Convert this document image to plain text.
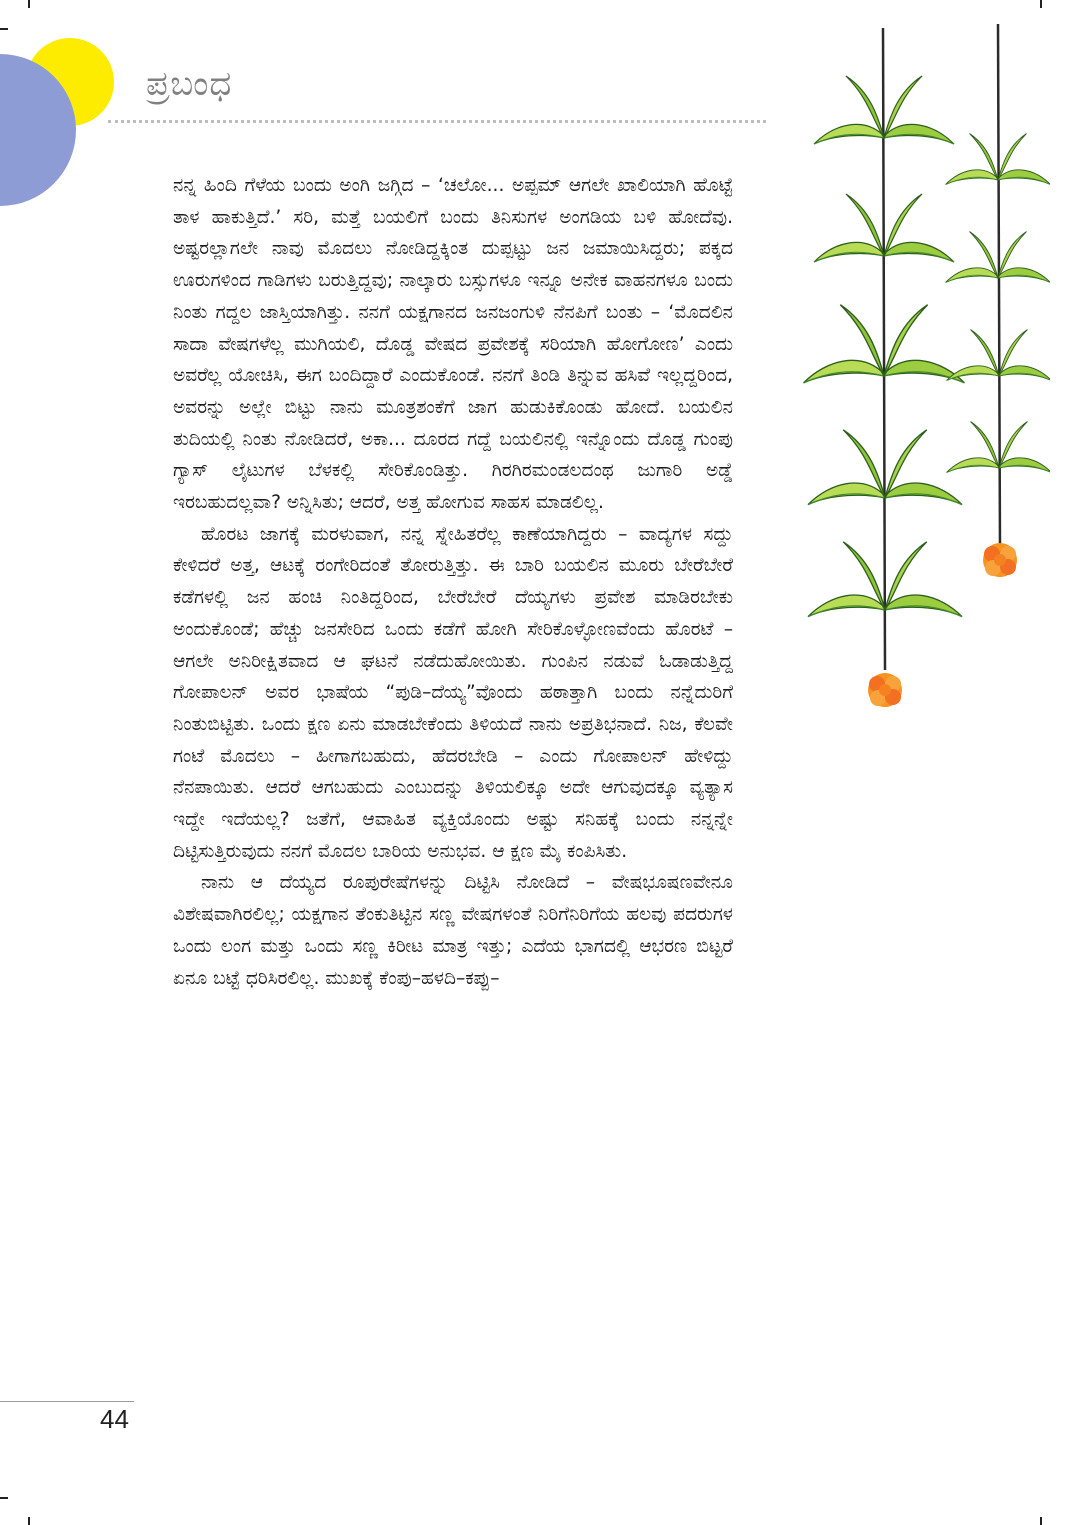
ಪ್ರಬಂಧ

ನನ್ನ ಹಿಂದಿ ಗೆಳೆಯ ಬಂದು ಅಂಗಿ ಜಗ್ಗಿದ – ‘ಚಲೋ... ಅಪ್ಪಮ್ ಆಗಲೇ ಖಾಲಿಯಾಗಿ ಹೊಟ್ಟೆ ತಾಳ ಹಾಕುತ್ತಿದೆ.’ ಸರಿ, ಮತ್ತೆ ಬಯಲಿಗೆ ಬಂದು ತಿನಿಸುಗಳ ಅಂಗಡಿಯ ಬಳಿ ಹೋದೆವು. ಅಷ್ಟರಲ್ಲಾಗಲೇ ನಾವು ಮೊದಲು ನೋಡಿದ್ದಕ್ಕಿಂತ ದುಪ್ಪಟ್ಟು ಜನ ಜಮಾಯಿಸಿದ್ದರು; ಪಕ್ಕದ ಊರುಗಳಿಂದ ಗಾಡಿಗಳು ಬರುತ್ತಿದ್ದವು; ನಾಲ್ಕಾರು ಬಸ್ಸುಗಳೂ ಇನ್ನೂ ಅನೇಕ ವಾಹನಗಳೂ ಬಂದು ನಿಂತು ಗದ್ದಲ ಜಾಸ್ತಿಯಾಗಿತ್ತು. ನನಗೆ ಯಕ್ಷಗಾನದ ಜನಜಂಗುಳಿ ನೆನಪಿಗೆ ಬಂತು – ‘ಮೊದಲಿನ ಸಾದಾ ವೇಷಗಳೆಲ್ಲ ಮುಗಿಯಲಿ, ದೊಡ್ಡ ವೇಷದ ಪ್ರವೇಶಕ್ಕೆ ಸರಿಯಾಗಿ ಹೋಗೋಣ’ ಎಂದು ಅವರೆಲ್ಲ ಯೋಚಿಸಿ, ಈಗ ಬಂದಿದ್ದಾರೆ ಎಂದುಕೊಂಡೆ. ನನಗೆ ತಿಂಡಿ ತಿನ್ನುವ ಹಸಿವೆ ಇಲ್ಲದ್ದರಿಂದ, ಅವರನ್ನು ಅಲ್ಲೇ ಬಿಟ್ಟು ನಾನು ಮೂತ್ರಶಂಕೆಗೆ ಜಾಗ ಹುಡುಕಿಕೊಂಡು ಹೋದೆ. ಬಯಲಿನ ತುದಿಯಲ್ಲಿ ನಿಂತು ನೋಡಿದರೆ, ಅಕಾ... ದೂರದ ಗದ್ದೆ ಬಯಲಿನಲ್ಲಿ ಇನ್ನೊಂದು ದೊಡ್ಡ ಗುಂಪು ಗ್ಯಾಸ್ ಲೈಟುಗಳ ಬೆಳಕಲ್ಲಿ ಸೇರಿಕೊಂಡಿತ್ತು. ಗಿರಗಿರಮಂಡಲದಂಥ ಜುಗಾರಿ ಅಡ್ಡೆ ಇರಬಹುದಲ್ಲವಾ? ಅನ್ನಿಸಿತು; ಆದರೆ, ಅತ್ತ ಹೋಗುವ ಸಾಹಸ ಮಾಡಲಿಲ್ಲ.

ಹೊರಟ ಜಾಗಕ್ಕೆ ಮರಳುವಾಗ, ನನ್ನ ಸ್ನೇಹಿತರೆಲ್ಲ ಕಾಣೆಯಾಗಿದ್ದರು – ವಾದ್ಯಗಳ ಸದ್ದು ಕೇಳಿದರೆ ಅತ್ತ, ಆಟಕ್ಕೆ ರಂಗೇರಿದಂತೆ ತೋರುತ್ತಿತ್ತು. ಈ ಬಾರಿ ಬಯಲಿನ ಮೂರು ಬೇರೆಬೇರೆ ಕಡೆಗಳಲ್ಲಿ ಜನ ಹಂಚಿ ನಿಂತಿದ್ದರಿಂದ, ಬೇರೆಬೇರೆ ದೆಯ್ಯಗಳು ಪ್ರವೇಶ ಮಾಡಿರಬೇಕು ಅಂದುಕೊಂಡೆ; ಹೆಚ್ಚು ಜನಸೇರಿದ ಒಂದು ಕಡೆಗೆ ಹೋಗಿ ಸೇರಿಕೊಳ್ಳೋಣವೆಂದು ಹೊರಟೆ – ಆಗಲೇ ಅನಿರೀಕ್ಷಿತವಾದ ಆ ಘಟನೆ ನಡೆದುಹೋಯಿತು. ಗುಂಪಿನ ನಡುವೆ ಓಡಾಡುತ್ತಿದ್ದ ಗೋಪಾಲನ್ ಅವರ ಭಾಷೆಯ “ಪುಡಿ–ದೆಯ್ಯ”ವೊಂದು ಹಠಾತ್ತಾಗಿ ಬಂದು ನನ್ನೆದುರಿಗೆ ನಿಂತುಬಿಟ್ಟಿತು. ಒಂದು ಕ್ಷಣ ಏನು ಮಾಡಬೇಕೆಂದು ತಿಳಿಯದೆ ನಾನು ಅಪ್ರತಿಭನಾದೆ. ನಿಜ, ಕೆಲವೇ ಗಂಟೆ ಮೊದಲು – ಹೀಗಾಗಬಹುದು, ಹೆದರಬೇಡಿ – ಎಂದು ಗೋಪಾಲನ್ ಹೇಳಿದ್ದು ನೆನಪಾಯಿತು. ಆದರೆ ಆಗಬಹುದು ಎಂಬುದನ್ನು ತಿಳಿಯಲಿಕ್ಕೂ ಅದೇ ಆಗುವುದಕ್ಕೂ ವ್ಯತ್ಯಾಸ ಇದ್ದೇ ಇದೆಯಲ್ಲ? ಜತೆಗೆ, ಆವಾಹಿತ ವ್ಯಕ್ತಿಯೊಂದು ಅಷ್ಟು ಸನಿಹಕ್ಕೆ ಬಂದು ನನ್ನನ್ನೇ ದಿಟ್ಟಿಸುತ್ತಿರುವುದು ನನಗೆ ಮೊದಲ ಬಾರಿಯ ಅನುಭವ. ಆ ಕ್ಷಣ ಮೈ ಕಂಪಿಸಿತು.

ನಾನು ಆ ದೆಯ್ಯದ ರೂಪುರೇಷೆಗಳನ್ನು ದಿಟ್ಟಿಸಿ ನೋಡಿದೆ – ವೇಷಭೂಷಣವೇನೂ ವಿಶೇಷವಾಗಿರಲಿಲ್ಲ; ಯಕ್ಷಗಾನ ತೆಂಕುತಿಟ್ಟಿನ ಸಣ್ಣ ವೇಷಗಳಂತೆ ನಿರಿಗೆನಿರಿಗೆಯ ಹಲವು ಪದರುಗಳ ಒಂದು ಲಂಗ ಮತ್ತು ಒಂದು ಸಣ್ಣ ಕಿರೀಟ ಮಾತ್ರ ಇತ್ತು; ಎದೆಯ ಭಾಗದಲ್ಲಿ ಆಭರಣ ಬಿಟ್ಟರೆ ಏನೂ ಬಟ್ಟೆ ಧರಿಸಿರಲಿಲ್ಲ. ಮುಖಕ್ಕೆ ಕೆಂಪು–ಹಳದಿ–ಕಪ್ಪು–

44
